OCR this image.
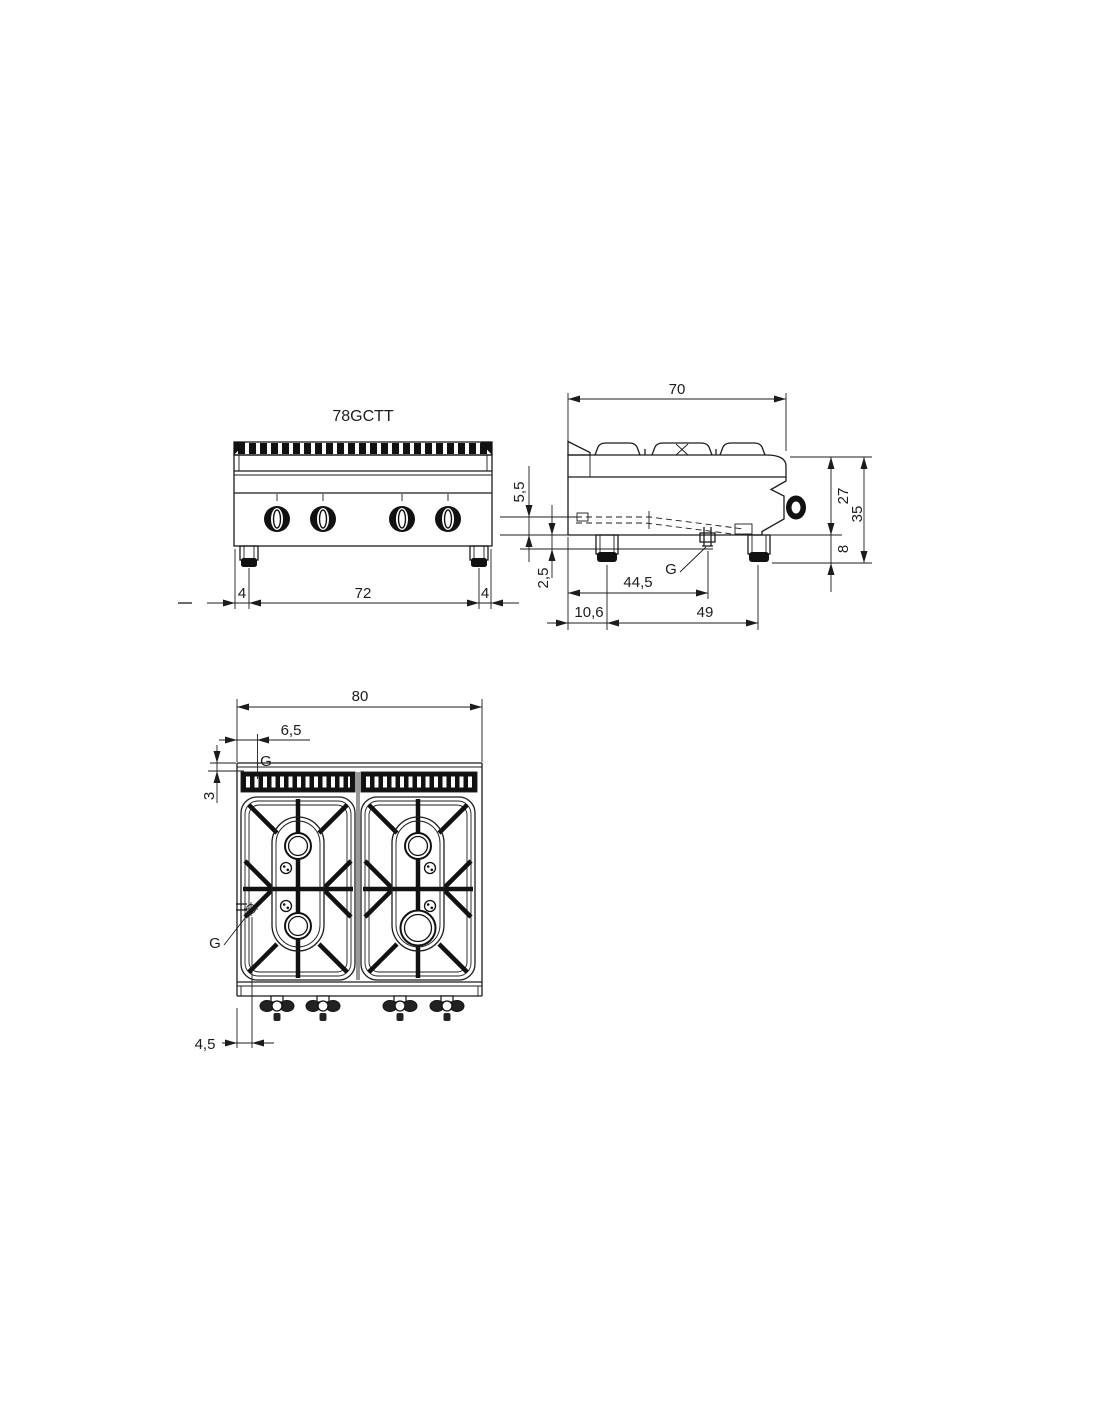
78GCTT
4	72	4
70
27
35
8
5,5
2,5	44,5
10,6	49
G
80
6,5
G
3
G
4,5
